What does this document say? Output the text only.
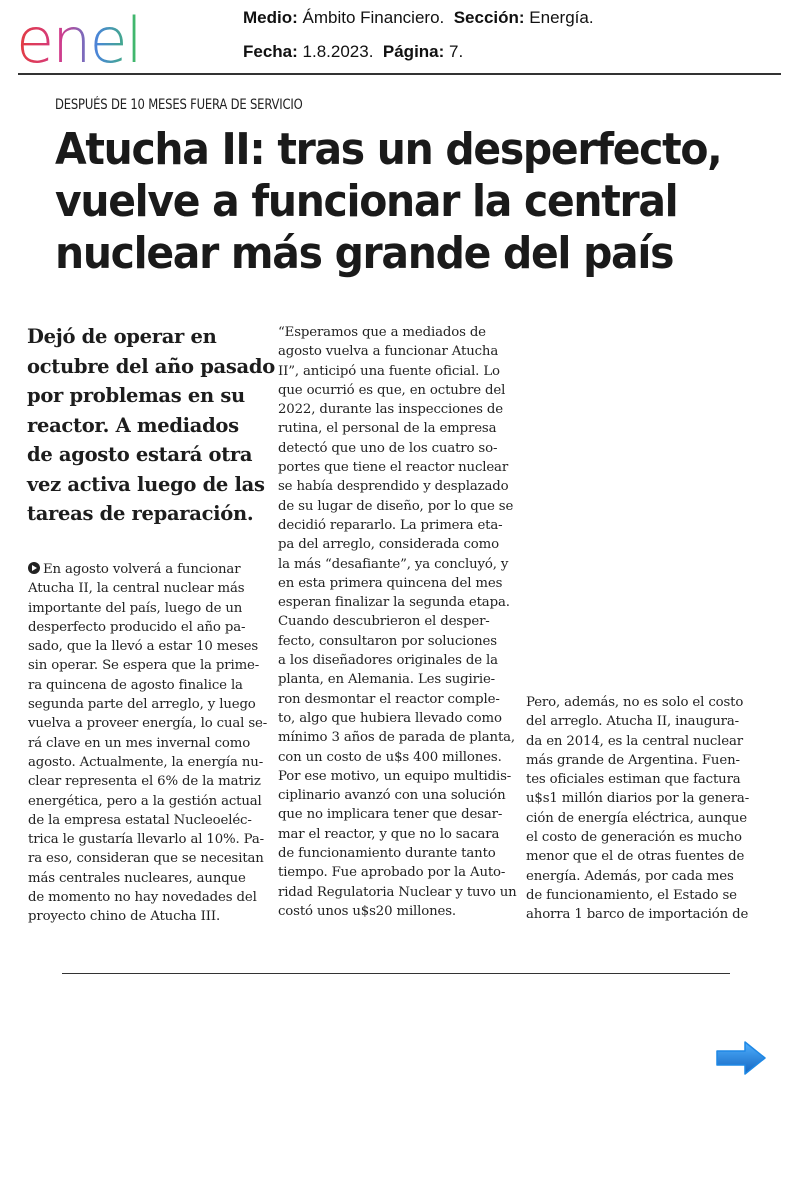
enel	Medio: Ámbito Financiero. Sección: Energía.
Fecha: 1.8.2023. Página: 7.
DESPUÉS DE 10 MESES FUERA DE SERVICIO
Atucha II: tras un desperfecto,
vuelve a funcionar la central
nuclear más grande del país
Dejó de operar en
octubre del año pasado
por problemas en su
reactor. A mediados
de agosto estará otra
vez activa luego de las
tareas de reparación.
En agosto volverá a funcionar
Atucha II, la central nuclear más
importante del país, luego de un
desperfecto producido el año pa-
sado, que la llevó a estar 10 meses
sin operar. Se espera que la prime-
ra quincena de agosto finalice la
segunda parte del arreglo, y luego
vuelva a proveer energía, lo cual se-
rá clave en un mes invernal como
agosto. Actualmente, la energía nu-
clear representa el 6% de la matriz
energética, pero a la gestión actual
de la empresa estatal Nucleoeléc-
trica le gustaría llevarlo al 10%. Pa-
ra eso, consideran que se necesitan
más centrales nucleares, aunque
de momento no hay novedades del
proyecto chino de Atucha III.
“Esperamos que a mediados de
agosto vuelva a funcionar Atucha
II”, anticipó una fuente oficial. Lo
que ocurrió es que, en octubre del
2022, durante las inspecciones de
rutina, el personal de la empresa
detectó que uno de los cuatro so-
portes que tiene el reactor nuclear
se había desprendido y desplazado
de su lugar de diseño, por lo que se
decidió repararlo. La primera eta-
pa del arreglo, considerada como
la más “desafiante”, ya concluyó, y
en esta primera quincena del mes
esperan finalizar la segunda etapa.
Cuando descubrieron el desper-
fecto, consultaron por soluciones
a los diseñadores originales de la
planta, en Alemania. Les sugirie-
ron desmontar el reactor comple-
to, algo que hubiera llevado como
mínimo 3 años de parada de planta,
con un costo de u$s 400 millones.
Por ese motivo, un equipo multidis-
ciplinario avanzó con una solución
que no implicara tener que desar-
mar el reactor, y que no lo sacara
de funcionamiento durante tanto
tiempo. Fue aprobado por la Auto-
ridad Regulatoria Nuclear y tuvo un
costó unos u$s20 millones.
Pero, además, no es solo el costo
del arreglo. Atucha II, inaugura-
da en 2014, es la central nuclear
más grande de Argentina. Fuen-
tes oficiales estiman que factura
u$s1 millón diarios por la genera-
ción de energía eléctrica, aunque
el costo de generación es mucho
menor que el de otras fuentes de
energía. Además, por cada mes
de funcionamiento, el Estado se
ahorra 1 barco de importación de
